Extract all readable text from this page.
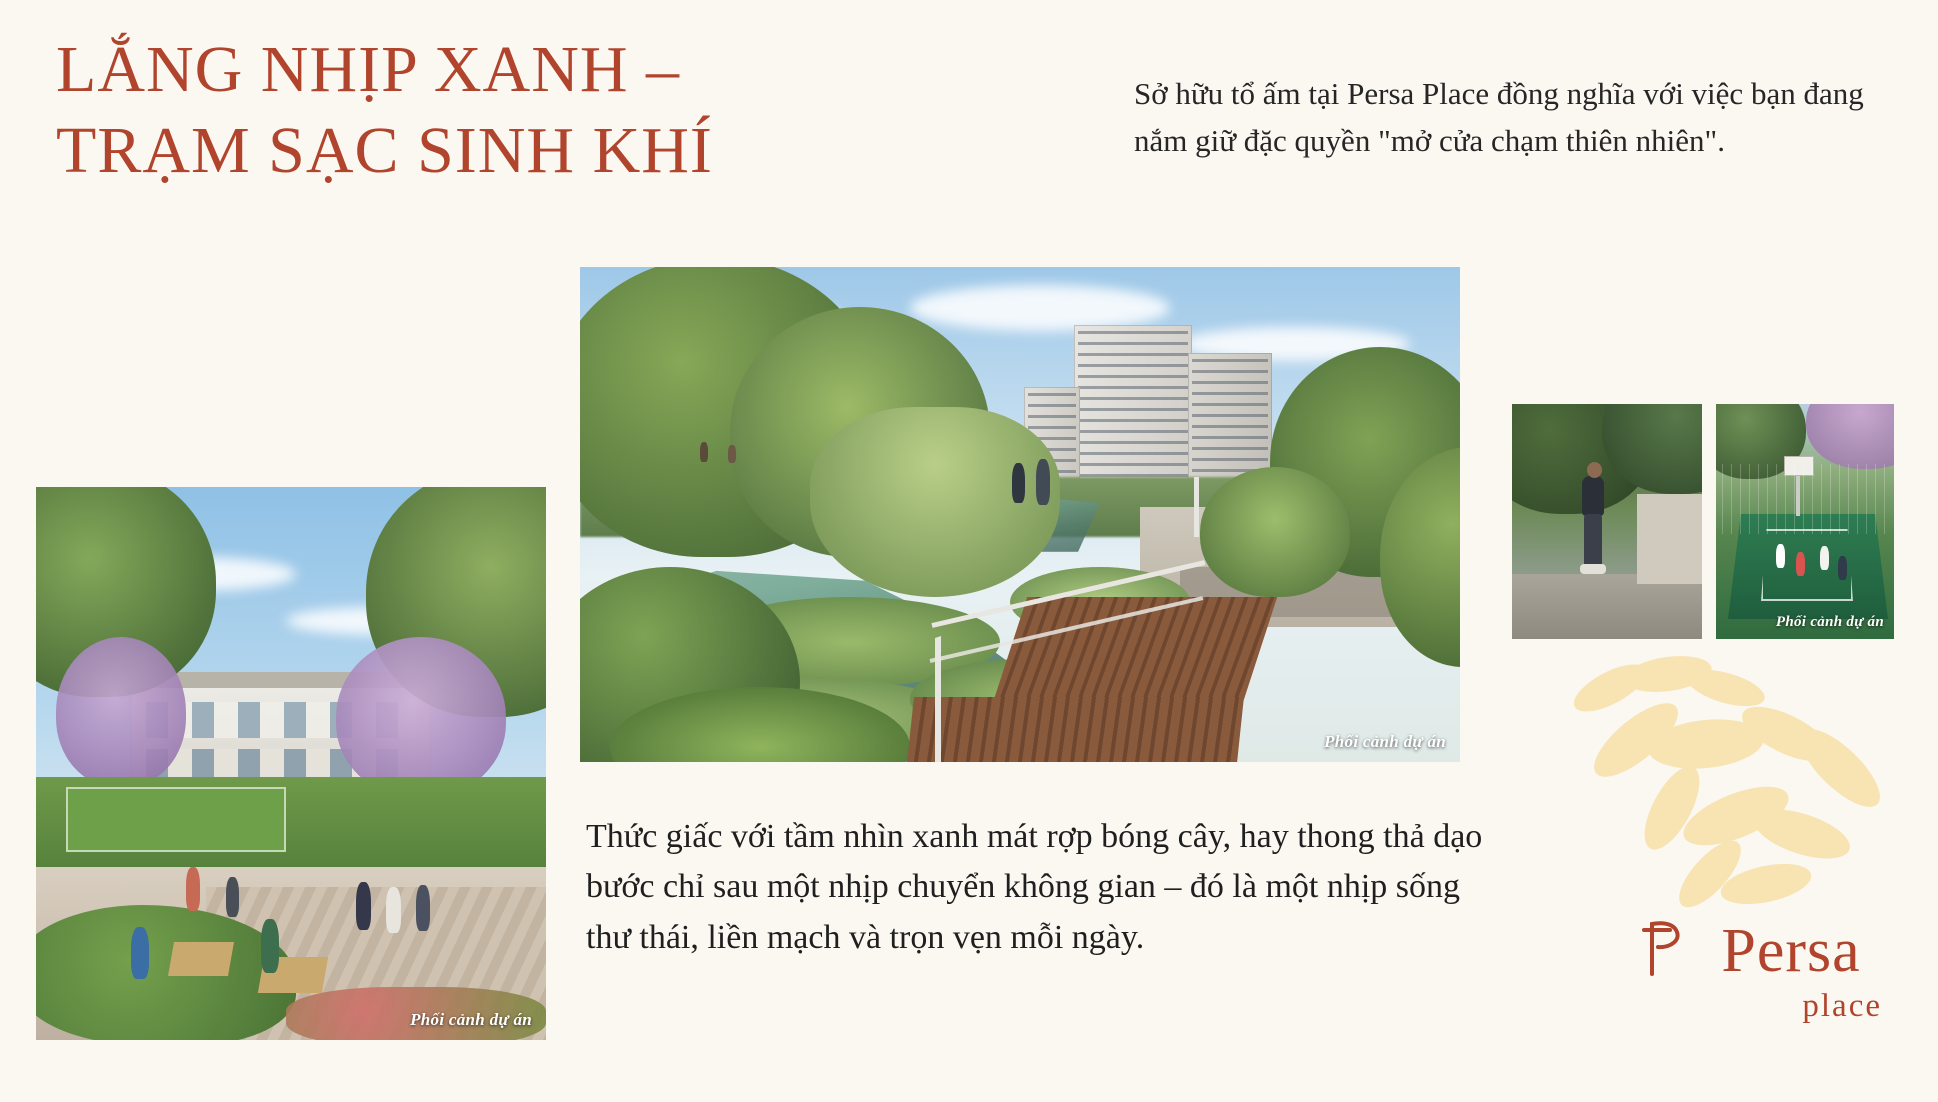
LẮNG NHỊP XANH –
TRẠM SẠC SINH KHÍ

Sở hữu tổ ấm tại Persa Place đồng nghĩa với việc bạn đang nắm giữ đặc quyền "mở cửa chạm thiên nhiên".

Phối cảnh dự án
Phối cảnh dự án
Phối cảnh dự án

Thức giấc với tầm nhìn xanh mát rợp bóng cây, hay thong thả dạo bước chỉ sau một nhịp chuyển không gian – đó là một nhịp sống thư thái, liền mạch và trọn vẹn mỗi ngày.	Persa
place
